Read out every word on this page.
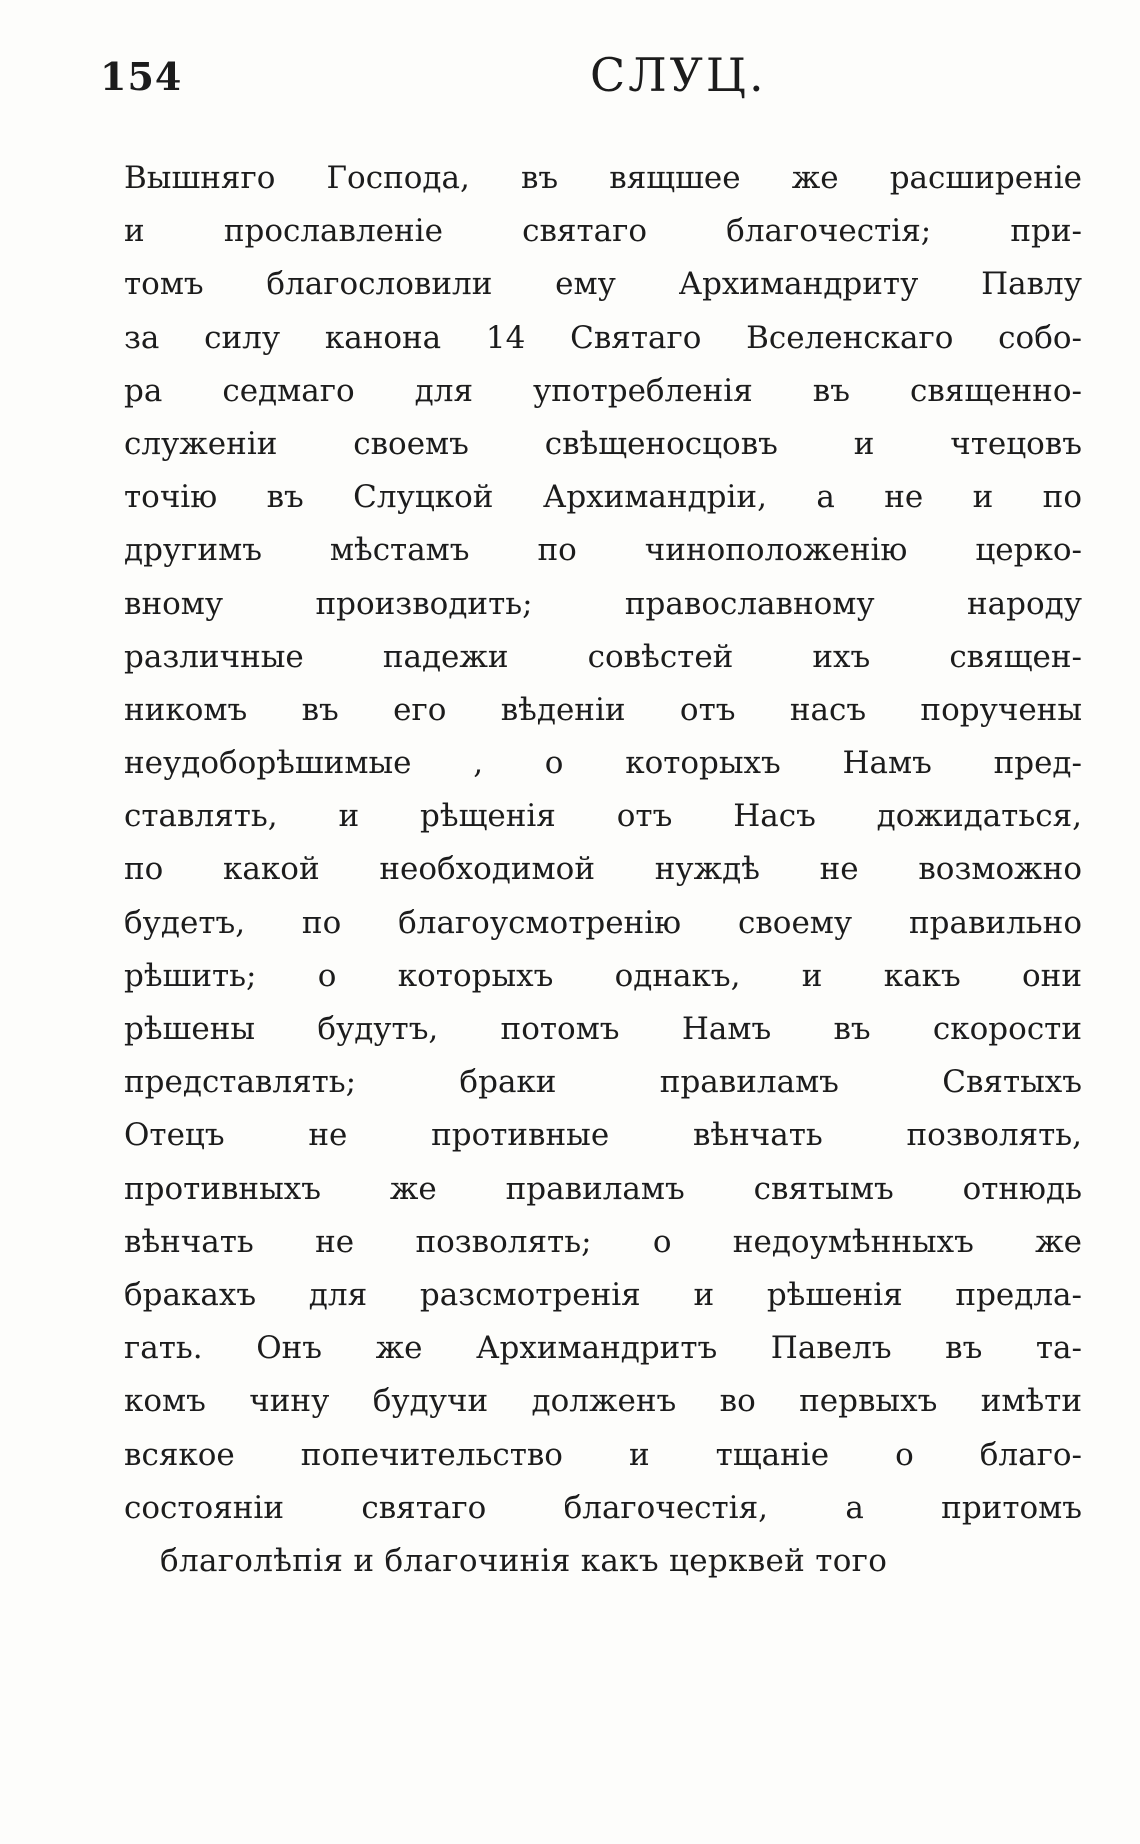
154	СЛУЦ.
Вышняго Господа, въ вящшее же расширеніе
и прославленіе святаго благочестія; при-
томъ благословили ему Архимандриту Павлу
за силу канона 14 Святаго Вселенскаго собо-
ра седмаго для употребленія въ священно-
служеніи своемъ свѣщеносцовъ и чтецовъ
точію въ Слуцкой Архимандріи, а не и по
другимъ мѣстамъ по чиноположенію церко-
вному производить; православному народу
различные падежи совѣстей ихъ священ-
никомъ въ его вѣденіи отъ насъ поручены
неудоборѣшимые , о которыхъ Намъ пред-
ставлять, и рѣщенія отъ Насъ дожидаться,
по какой необходимой нуждѣ не возможно
будетъ, по благоусмотренію своему правильно
рѣшить; о которыхъ однакъ, и какъ они
рѣшены будутъ, потомъ Намъ въ скорости
представлять; браки правиламъ Святыхъ
Отецъ не противные вѣнчать позволять,
противныхъ же правиламъ святымъ отнюдь
вѣнчать не позволять; о недоумѣнныхъ же
бракахъ для разсмотренія и рѣшенія предла-
гать. Онъ же Архимандритъ Павелъ въ та-
комъ чину будучи долженъ во первыхъ имѣти
всякое попечительство и тщаніе о благо-
состояніи святаго благочестія, а притомъ
благолѣпія и благочинія какъ церквей того
